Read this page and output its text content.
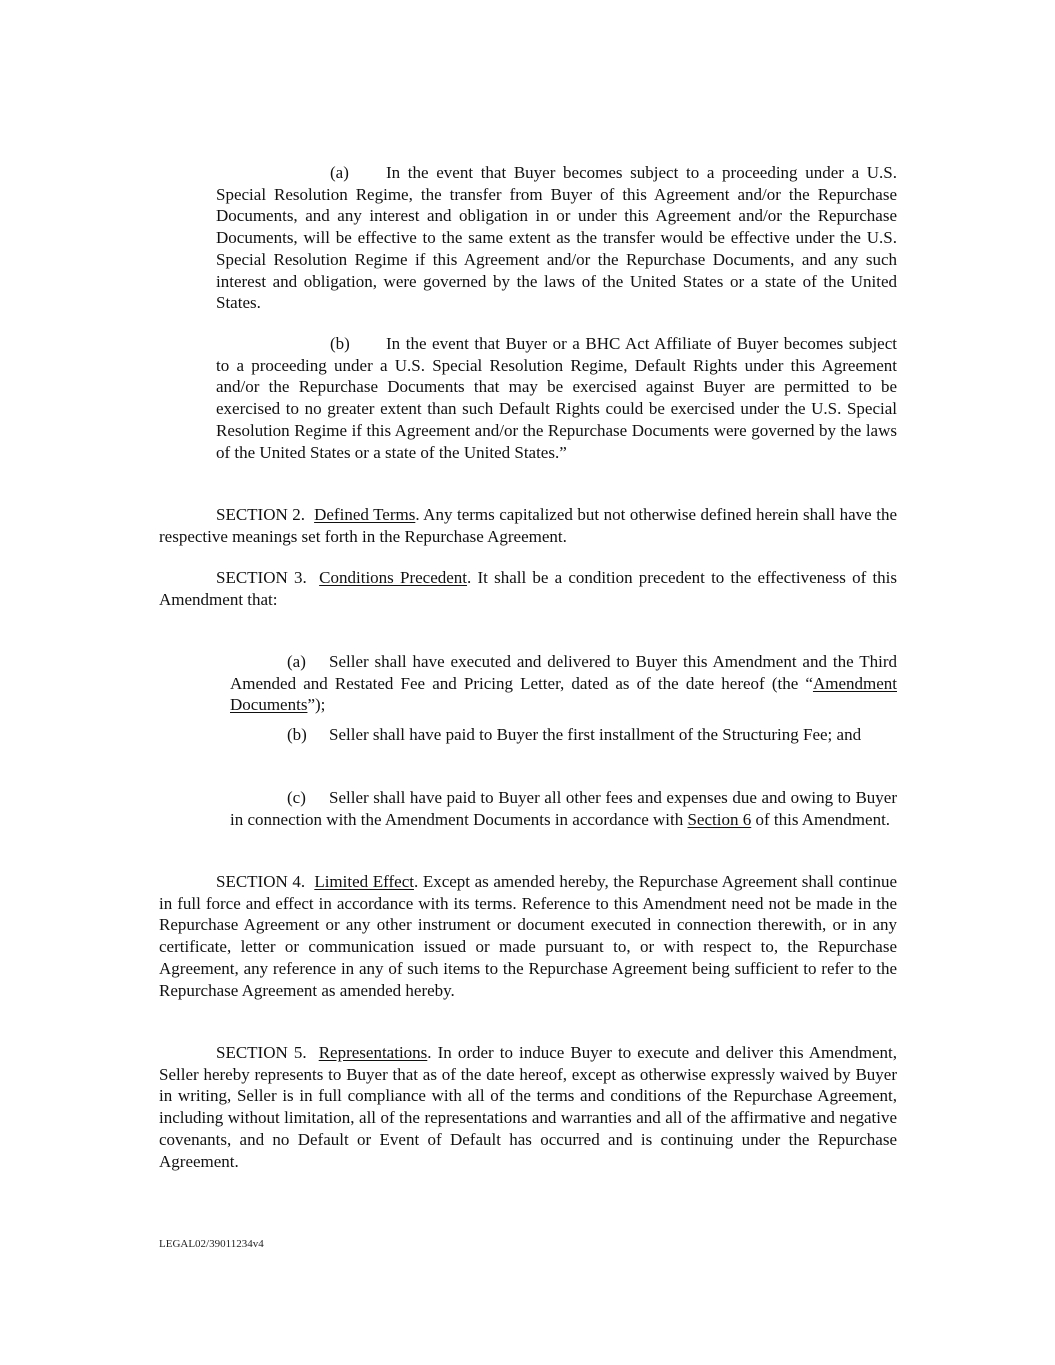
(a) In the event that Buyer becomes subject to a proceeding under a U.S. Special Resolution Regime, the transfer from Buyer of this Agreement and/or the Repurchase Documents, and any interest and obligation in or under this Agreement and/or the Repurchase Documents, will be effective to the same extent as the transfer would be effective under the U.S. Special Resolution Regime if this Agreement and/or the Repurchase Documents, and any such interest and obligation, were governed by the laws of the United States or a state of the United States.

(b) In the event that Buyer or a BHC Act Affiliate of Buyer becomes subject to a proceeding under a U.S. Special Resolution Regime, Default Rights under this Agreement and/or the Repurchase Documents that may be exercised against Buyer are permitted to be exercised to no greater extent than such Default Rights could be exercised under the U.S. Special Resolution Regime if this Agreement and/or the Repurchase Documents were governed by the laws of the United States or a state of the United States.”

SECTION 2. Defined Terms. Any terms capitalized but not otherwise defined herein shall have the respective meanings set forth in the Repurchase Agreement.

SECTION 3. Conditions Precedent. It shall be a condition precedent to the effectiveness of this Amendment that:

(a) Seller shall have executed and delivered to Buyer this Amendment and the Third Amended and Restated Fee and Pricing Letter, dated as of the date hereof (the “Amendment Documents”);

(b) Seller shall have paid to Buyer the first installment of the Structuring Fee; and

(c) Seller shall have paid to Buyer all other fees and expenses due and owing to Buyer in connection with the Amendment Documents in accordance with Section 6 of this Amendment.

SECTION 4. Limited Effect. Except as amended hereby, the Repurchase Agreement shall continue in full force and effect in accordance with its terms. Reference to this Amendment need not be made in the Repurchase Agreement or any other instrument or document executed in connection therewith, or in any certificate, letter or communication issued or made pursuant to, or with respect to, the Repurchase Agreement, any reference in any of such items to the Repurchase Agreement being sufficient to refer to the Repurchase Agreement as amended hereby.

SECTION 5. Representations. In order to induce Buyer to execute and deliver this Amendment, Seller hereby represents to Buyer that as of the date hereof, except as otherwise expressly waived by Buyer in writing, Seller is in full compliance with all of the terms and conditions of the Repurchase Agreement, including without limitation, all of the representations and warranties and all of the affirmative and negative covenants, and no Default or Event of Default has occurred and is continuing under the Repurchase Agreement.

LEGAL02/39011234v4
